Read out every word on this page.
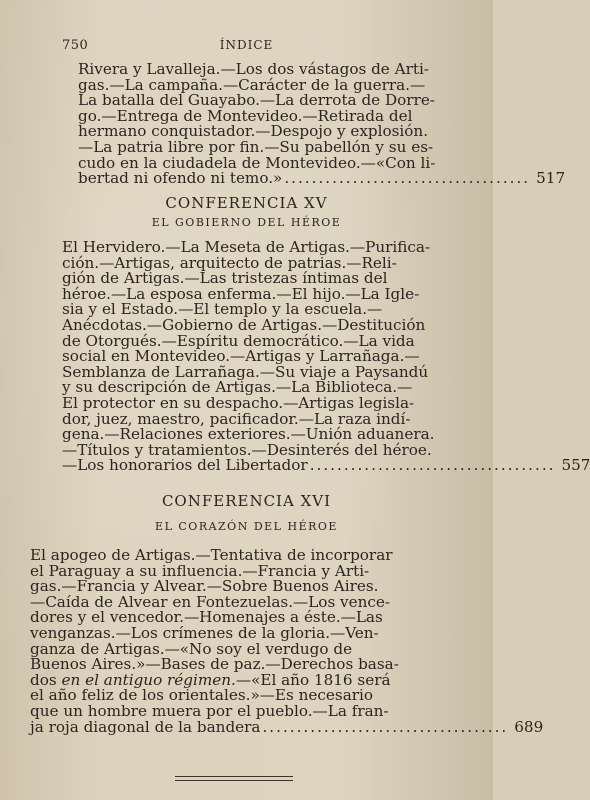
750	ÍNDICE
Rivera y Lavalleja.—Los dos vástagos de Arti-
gas.—La campaña.—Carácter de la guerra.—
La batalla del Guayabo.—La derrota de Dorre-
go.—Entrega de Montevideo.—Retirada del
hermano conquistador.—Despojo y explosión.
—La patria libre por fin.—Su pabellón y su es-
cudo en la ciudadela de Montevideo.—«Con li-
bertad ni ofendo ni temo.» .................................... 517
CONFERENCIA XV
EL GOBIERNO DEL HÉROE
El Hervidero.—La Meseta de Artigas.—Purifica-
ción.—Artigas, arquitecto de patrias.—Reli-
gión de Artigas.—Las tristezas íntimas del
héroe.—La esposa enferma.—El hijo.—La Igle-
sia y el Estado.—El templo y la escuela.—
Anécdotas.—Gobierno de Artigas.—Destitución
de Otorgués.—Espíritu democrático.—La vida
social en Montevideo.—Artigas y Larrañaga.—
Semblanza de Larrañaga.—Su viaje a Paysandú
y su descripción de Artigas.—La Biblioteca.—
El protector en su despacho.—Artigas legisla-
dor, juez, maestro, pacificador.—La raza indí-
gena.—Relaciones exteriores.—Unión aduanera.
—Títulos y tratamientos.—Desinterés del héroe.
—Los honorarios del Libertador .................................... 557
CONFERENCIA XVI
EL CORAZÓN DEL HÉROE
El apogeo de Artigas.—Tentativa de incorporar
el Paraguay a su influencia.—Francia y Arti-
gas.—Francia y Alvear.—Sobre Buenos Aires.
—Caída de Alvear en Fontezuelas.—Los vence-
dores y el vencedor.—Homenajes a éste.—Las
venganzas.—Los crímenes de la gloria.—Ven-
ganza de Artigas.—«No soy el verdugo de
Buenos Aires.»—Bases de paz.—Derechos basa-
dos en el antiguo régimen.—«El año 1816 será
el año feliz de los orientales.»—Es necesario
que un hombre muera por el pueblo.—La fran-
ja roja diagonal de la bandera .................................... 689
